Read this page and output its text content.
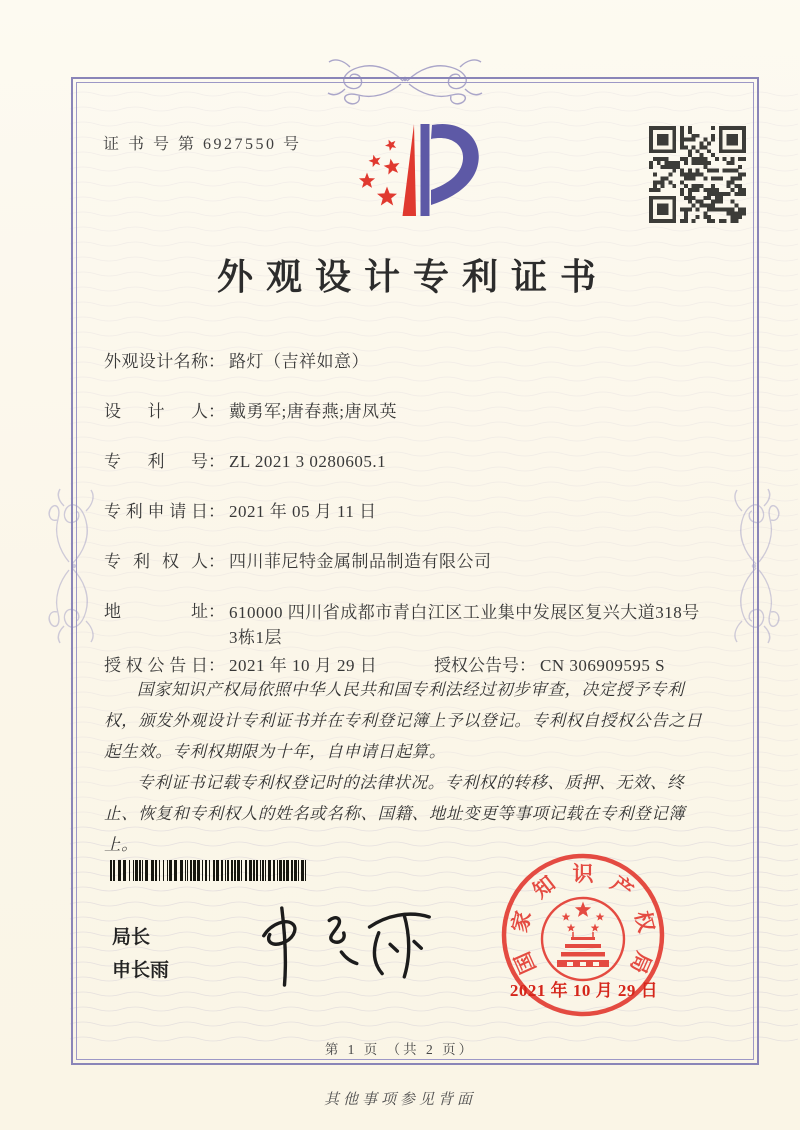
证 书 号 第 6927550 号
外观设计专利证书
外观设计名称： 路灯（吉祥如意）
设计人： 戴勇军;唐春燕;唐凤英
专利号： ZL 2021 3 0280605.1
专利申请日： 2021 年 05 月 11 日
专利权人： 四川菲尼特金属制品制造有限公司
地址： 610000 四川省成都市青白江区工业集中发展区复兴大道318号3栋1层
授权公告日： 2021 年 10 月 29 日	授权公告号： CN 306909595 S

国家知识产权局依照中华人民共和国专利法经过初步审查，决定授予专利权，颁发外观设计专利证书并在专利登记簿上予以登记。专利权自授权公告之日起生效。专利权期限为十年，自申请日起算。

专利证书记载专利权登记时的法律状况。专利权的转移、质押、无效、终止、恢复和专利权人的姓名或名称、国籍、地址变更等事项记载在专利登记簿上。

局长
申长雨	国
家
知 识 产
权
局
2021 年 10 月 29 日
第 1 页 （共 2 页）
其他事项参见背面
